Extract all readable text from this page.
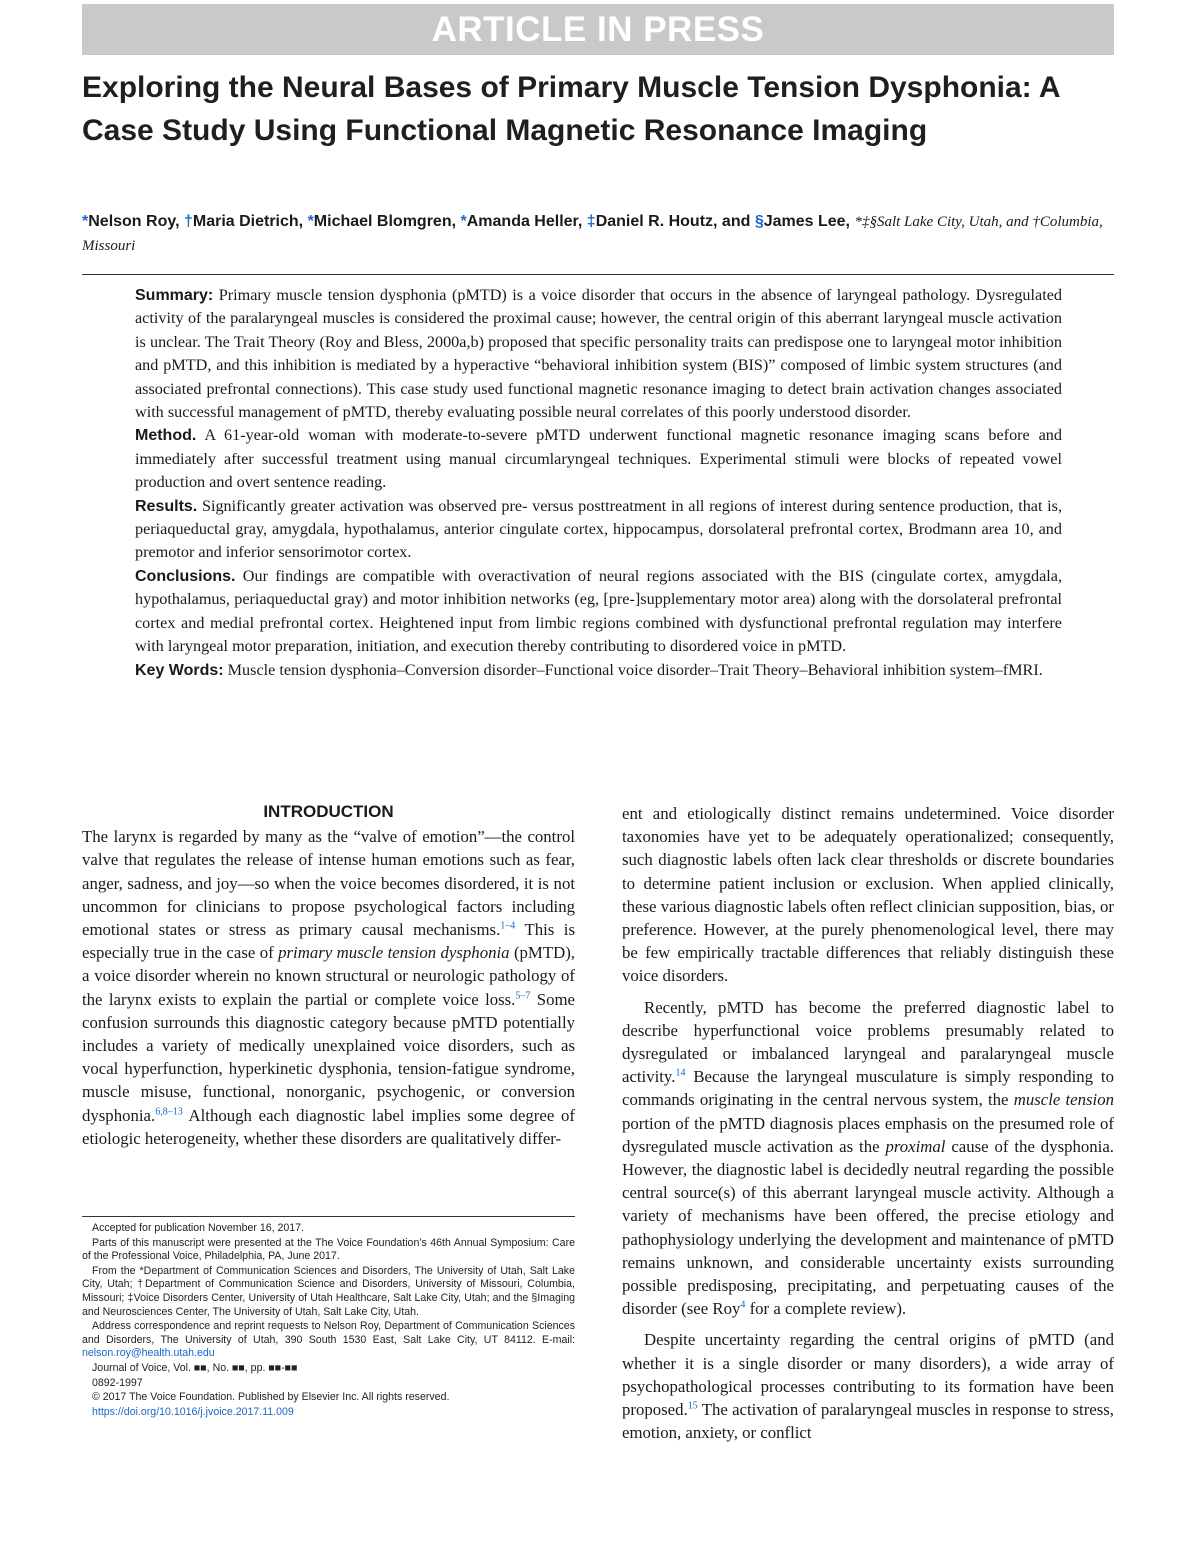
ARTICLE IN PRESS
Exploring the Neural Bases of Primary Muscle Tension Dysphonia: A Case Study Using Functional Magnetic Resonance Imaging
*Nelson Roy, †Maria Dietrich, *Michael Blomgren, *Amanda Heller, ‡Daniel R. Houtz, and §James Lee, *‡§Salt Lake City, Utah, and †Columbia, Missouri

Summary: Primary muscle tension dysphonia (pMTD) is a voice disorder that occurs in the absence of laryngeal pathology. Dysregulated activity of the paralaryngeal muscles is considered the proximal cause; however, the central origin of this aberrant laryngeal muscle activation is unclear. The Trait Theory (Roy and Bless, 2000a,b) proposed that specific personality traits can predispose one to laryngeal motor inhibition and pMTD, and this inhibition is mediated by a hyperactive “behavioral inhibition system (BIS)” composed of limbic system structures (and associated prefrontal connections). This case study used functional magnetic resonance imaging to detect brain activation changes associated with successful management of pMTD, thereby evaluating possible neural correlates of this poorly understood disorder.

Method. A 61-year-old woman with moderate-to-severe pMTD underwent functional magnetic resonance imaging scans before and immediately after successful treatment using manual circumlaryngeal techniques. Experimental stimuli were blocks of repeated vowel production and overt sentence reading.

Results. Significantly greater activation was observed pre- versus posttreatment in all regions of interest during sentence production, that is, periaqueductal gray, amygdala, hypothalamus, anterior cingulate cortex, hippocampus, dorsolateral prefrontal cortex, Brodmann area 10, and premotor and inferior sensorimotor cortex.

Conclusions. Our findings are compatible with overactivation of neural regions associated with the BIS (cingulate cortex, amygdala, hypothalamus, periaqueductal gray) and motor inhibition networks (eg, [pre-]supplementary motor area) along with the dorsolateral prefrontal cortex and medial prefrontal cortex. Heightened input from limbic regions combined with dysfunctional prefrontal regulation may interfere with laryngeal motor preparation, initiation, and execution thereby contributing to disordered voice in pMTD.

Key Words: Muscle tension dysphonia–Conversion disorder–Functional voice disorder–Trait Theory–Behavioral inhibition system–fMRI.

INTRODUCTION

The larynx is regarded by many as the “valve of emotion”—the control valve that regulates the release of intense human emotions such as fear, anger, sadness, and joy—so when the voice becomes disordered, it is not uncommon for clinicians to propose psychological factors including emotional states or stress as primary causal mechanisms.$^{1-4}$ This is especially true in the case of primary muscle tension dysphonia (pMTD), a voice disorder wherein no known structural or neurologic pathology of the larynx exists to explain the partial or complete voice loss.$^{5-7}$ Some confusion surrounds this diagnostic category because pMTD potentially includes a variety of medically unexplained voice disorders, such as vocal hyperfunction, hyperkinetic dysphonia, tension-fatigue syndrome, muscle misuse, functional, nonorganic, psychogenic, or conversion dysphonia.$^{6,8-13}$ Although each diagnostic label implies some degree of etiologic heterogeneity, whether these disorders are qualitatively differ-

Accepted for publication November 16, 2017.

Parts of this manuscript were presented at the The Voice Foundation’s 46th Annual Symposium: Care of the Professional Voice, Philadelphia, PA, June 2017.

From the *Department of Communication Sciences and Disorders, The University of Utah, Salt Lake City, Utah; †Department of Communication Science and Disorders, University of Missouri, Columbia, Missouri; ‡Voice Disorders Center, University of Utah Healthcare, Salt Lake City, Utah; and the §Imaging and Neurosciences Center, The University of Utah, Salt Lake City, Utah.

Address correspondence and reprint requests to Nelson Roy, Department of Communication Sciences and Disorders, The University of Utah, 390 South 1530 East, Salt Lake City, UT 84112. E-mail: nelson.roy@health.utah.edu

Journal of Voice, Vol. ■■, No. ■■, pp. ■■-■■

0892-1997

© 2017 The Voice Foundation. Published by Elsevier Inc. All rights reserved.

https://doi.org/10.1016/j.jvoice.2017.11.009

ent and etiologically distinct remains undetermined. Voice disorder taxonomies have yet to be adequately operationalized; consequently, such diagnostic labels often lack clear thresholds or discrete boundaries to determine patient inclusion or exclusion. When applied clinically, these various diagnostic labels often reflect clinician supposition, bias, or preference. However, at the purely phenomenological level, there may be few empirically tractable differences that reliably distinguish these voice disorders.

Recently, pMTD has become the preferred diagnostic label to describe hyperfunctional voice problems presumably related to dysregulated or imbalanced laryngeal and paralaryngeal muscle activity.$^{14}$ Because the laryngeal musculature is simply responding to commands originating in the central nervous system, the muscle tension portion of the pMTD diagnosis places emphasis on the presumed role of dysregulated muscle activation as the proximal cause of the dysphonia. However, the diagnostic label is decidedly neutral regarding the possible central source(s) of this aberrant laryngeal muscle activity. Although a variety of mechanisms have been offered, the precise etiology and pathophysiology underlying the development and maintenance of pMTD remains unknown, and considerable uncertainty exists surrounding possible predisposing, precipitating, and perpetuating causes of the disorder (see Roy$^4$ for a complete review).

Despite uncertainty regarding the central origins of pMTD (and whether it is a single disorder or many disorders), a wide array of psychopathological processes contributing to its formation have been proposed.$^{15}$ The activation of paralaryngeal muscles in response to stress, emotion, anxiety, or conflict
